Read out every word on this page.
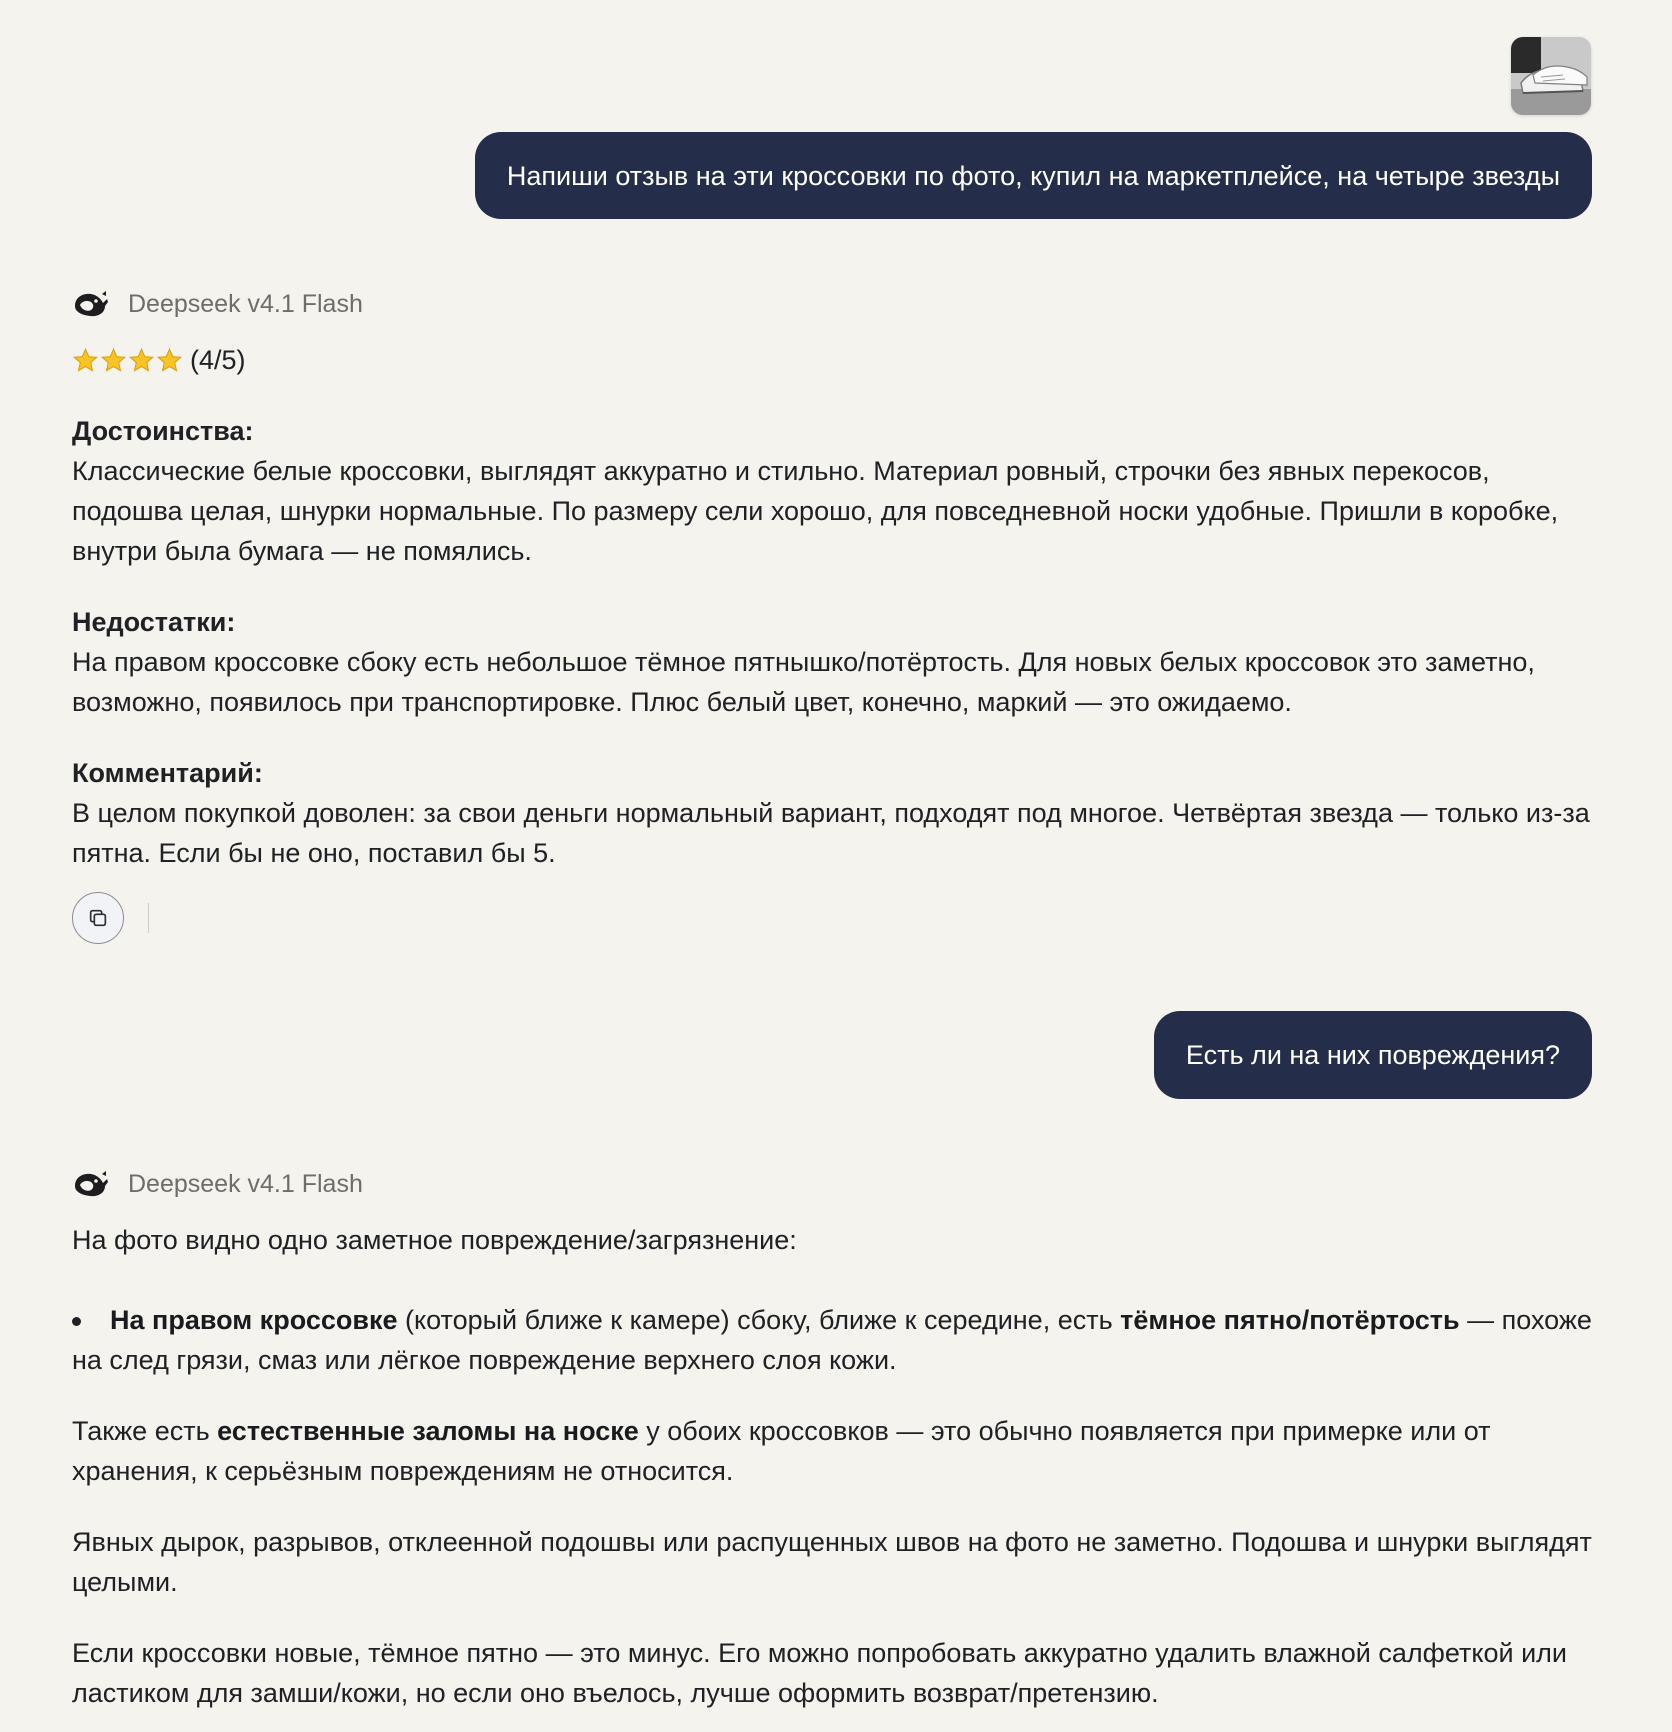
Напиши отзыв на эти кроссовки по фото, купил на маркетплейсе, на четыре звезды
Deepseek v4.1 Flash
(4/5)

Достоинства:

Классические белые кроссовки, выглядят аккуратно и стильно. Материал ровный, строчки без явных перекосов, подошва целая, шнурки нормальные. По размеру сели хорошо, для повседневной носки удобные. Пришли в коробке, внутри была бумага — не помялись.

Недостатки:

На правом кроссовке сбоку есть небольшое тёмное пятнышко/потёртость. Для новых белых кроссовок это заметно, возможно, появилось при транспортировке. Плюс белый цвет, конечно, маркий — это ожидаемо.

Комментарий:

В целом покупкой доволен: за свои деньги нормальный вариант, подходят под многое. Четвёртая звезда — только из-за пятна. Если бы не оно, поставил бы 5.

Есть ли на них повреждения?
Deepseek v4.1 Flash

На фото видно одно заметное повреждение/загрязнение:

На правом кроссовке (который ближе к камере) сбоку, ближе к середине, есть тёмное пятно/потёртость — похоже на след грязи, смаз или лёгкое повреждение верхнего слоя кожи.

Также есть естественные заломы на носке у обоих кроссовков — это обычно появляется при примерке или от хранения, к серьёзным повреждениям не относится.

Явных дырок, разрывов, отклеенной подошвы или распущенных швов на фото не заметно. Подошва и шнурки выглядят целыми.

Если кроссовки новые, тёмное пятно — это минус. Его можно попробовать аккуратно удалить влажной салфеткой или ластиком для замши/кожи, но если оно въелось, лучше оформить возврат/претензию.
